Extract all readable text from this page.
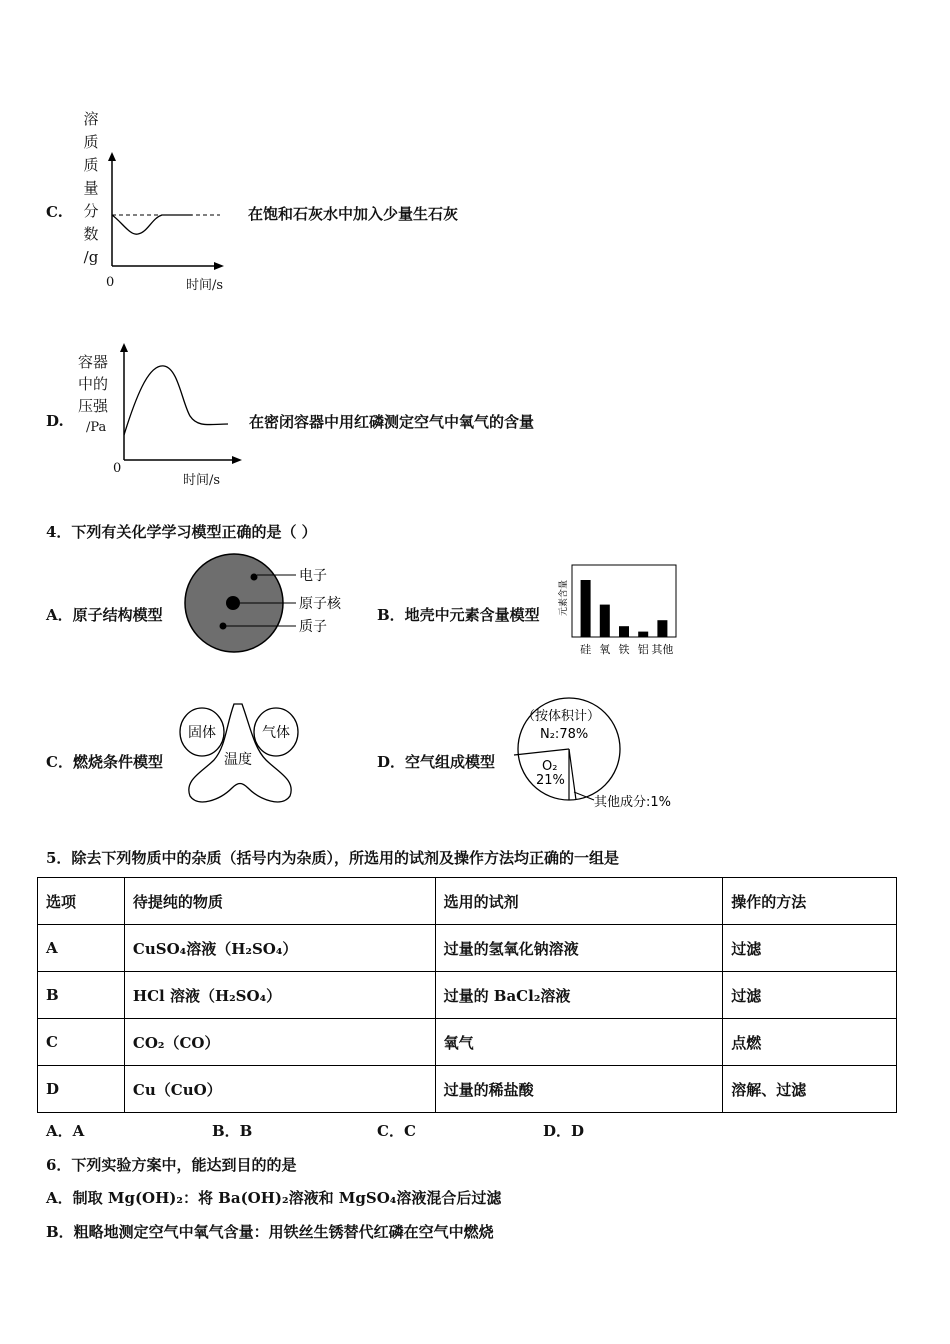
C.
溶
质
质
量
分
数
/g
0	时间/s
在饱和石灰水中加入少量生石灰
D.
容器
中的
压强
/Pa
0
时间/s
在密闭容器中用红磷测定空气中氧气的含量
4．下列有关化学学习模型正确的是（ ）
A．原子结构模型
电子
原子核
质子
B．地壳中元素含量模型 元素含量
硅 氧 铁 铝 其他
C．燃烧条件模型
固体	气体
温度	D．空气组成模型
（按体积计）
N₂:78%
O₂
21%
其他成分:1%
5．除去下列物质中的杂质（括号内为杂质），所选用的试剂及操作方法均正确的一组是
选项	待提纯的物质	选用的试剂	操作的方法
A	CuSO₄溶液（H₂SO₄）	过量的氢氧化钠溶液	过滤
B	HCl 溶液（H₂SO₄）	过量的 BaCl₂溶液	过滤
C	CO₂（CO）	氧气	点燃
D	Cu（CuO）	过量的稀盐酸	溶解、过滤
A．A	B．B	C．C	D．D
6．下列实验方案中，能达到目的的是
A．制取 Mg(OH)₂：将 Ba(OH)₂溶液和 MgSO₄溶液混合后过滤
B．粗略地测定空气中氧气含量：用铁丝生锈替代红磷在空气中燃烧
